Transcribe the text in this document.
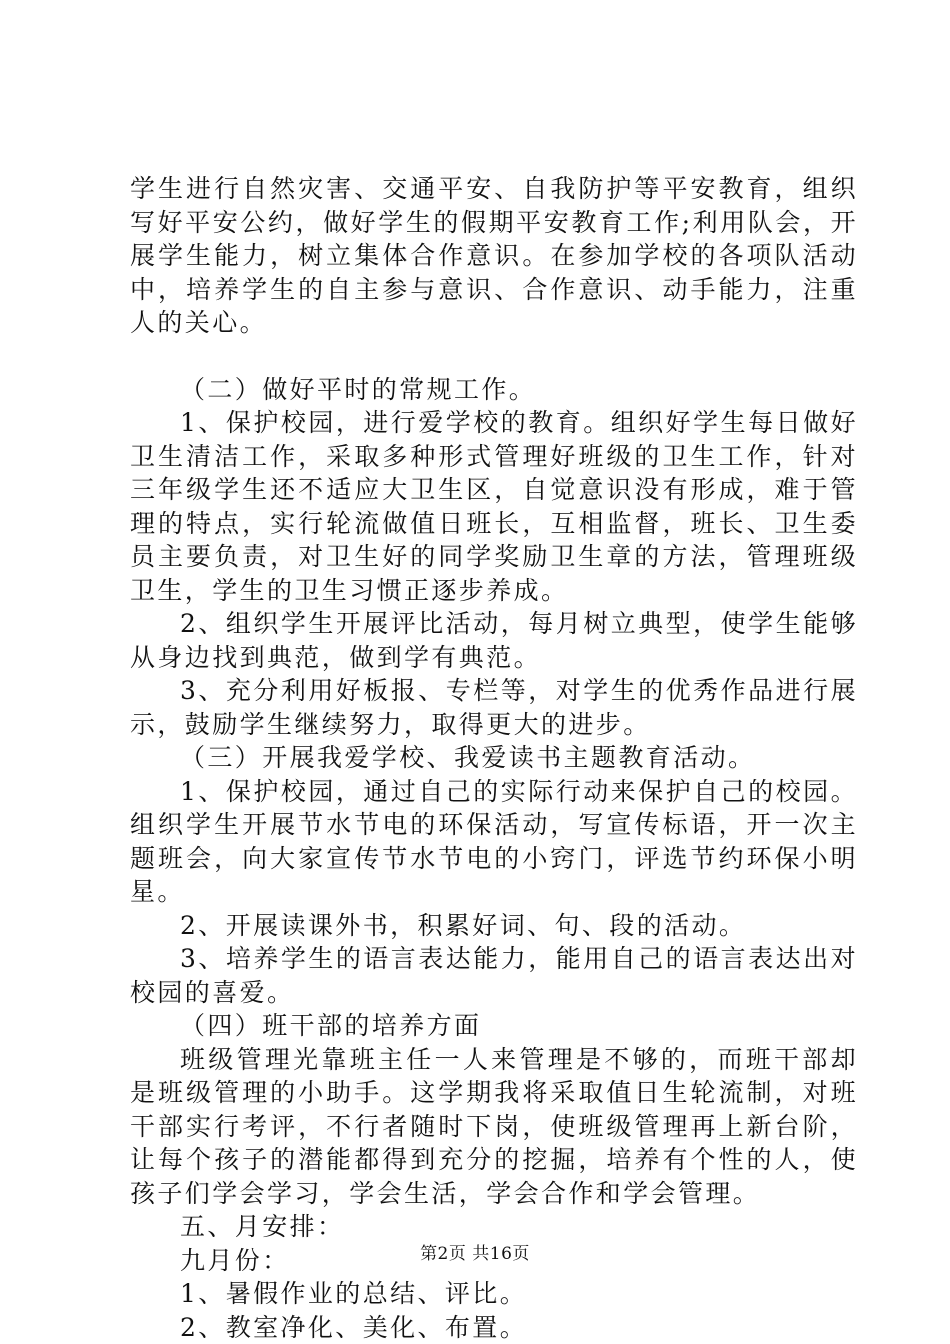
学生进行自然灾害、交通平安、自我防护等平安教育，组织写好平安公约，做好学生的假期平安教育工作;利用队会，开展学生能力，树立集体合作意识。在参加学校的各项队活动中，培养学生的自主参与意识、合作意识、动手能力，注重人的关心。

（二）做好平时的常规工作。

1、保护校园，进行爱学校的教育。组织好学生每日做好卫生清洁工作，采取多种形式管理好班级的卫生工作，针对三年级学生还不适应大卫生区，自觉意识没有形成，难于管理的特点，实行轮流做值日班长，互相监督，班长、卫生委员主要负责，对卫生好的同学奖励卫生章的方法，管理班级卫生，学生的卫生习惯正逐步养成。

2、组织学生开展评比活动，每月树立典型，使学生能够从身边找到典范，做到学有典范。

3、充分利用好板报、专栏等，对学生的优秀作品进行展示，鼓励学生继续努力，取得更大的进步。

（三）开展我爱学校、我爱读书主题教育活动。

1、保护校园，通过自己的实际行动来保护自己的校园。组织学生开展节水节电的环保活动，写宣传标语，开一次主题班会，向大家宣传节水节电的小窍门，评选节约环保小明星。

2、开展读课外书，积累好词、句、段的活动。

3、培养学生的语言表达能力，能用自己的语言表达出对校园的喜爱。

（四）班干部的培养方面

班级管理光靠班主任一人来管理是不够的，而班干部却是班级管理的小助手。这学期我将采取值日生轮流制，对班干部实行考评，不行者随时下岗，使班级管理再上新台阶，让每个孩子的潜能都得到充分的挖掘，培养有个性的人，使孩子们学会学习，学会生活，学会合作和学会管理。

五、月安排：

九月份：

1、暑假作业的总结、评比。

2、教室净化、美化、布置。

第2页 共16页
